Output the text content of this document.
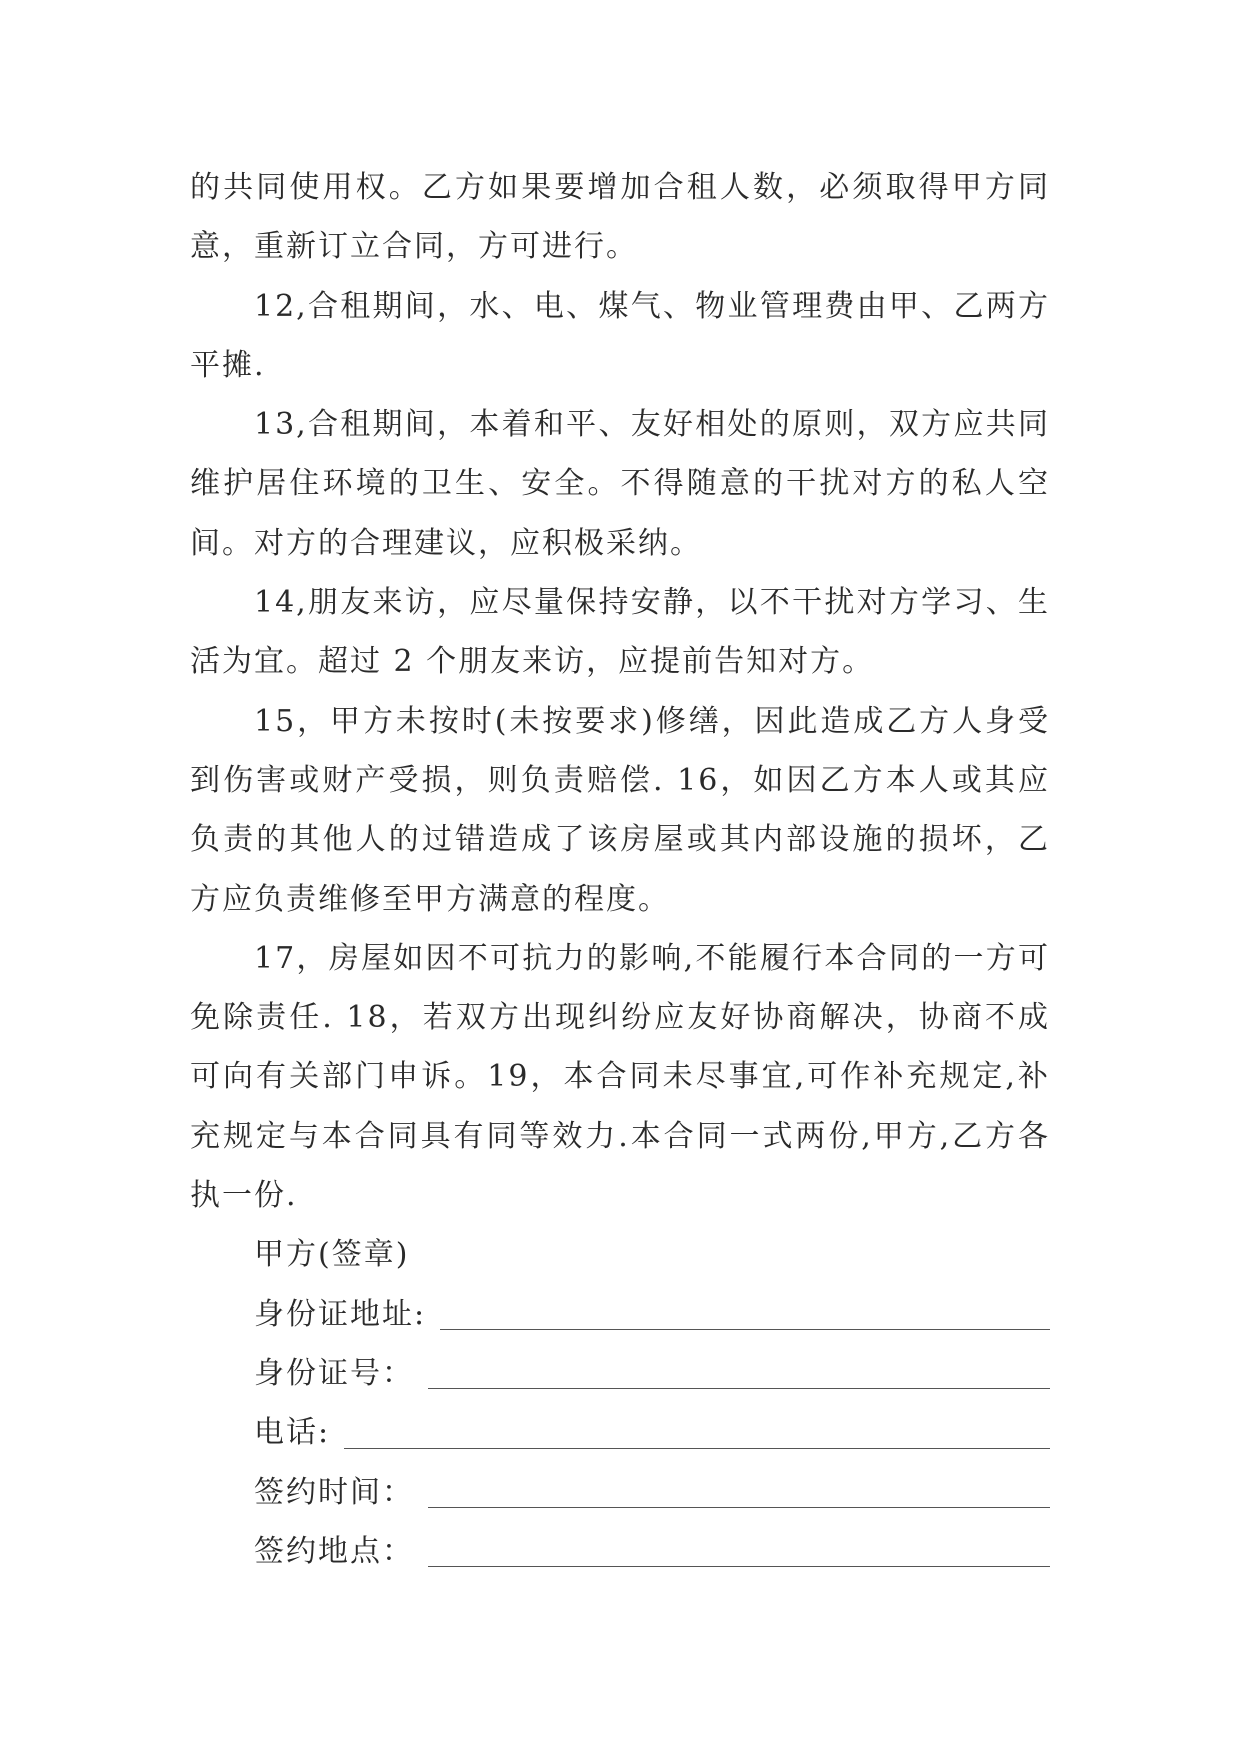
的共同使用权。乙方如果要增加合租人数，必须取得甲方同意，重新订立合同，方可进行。

12,合租期间，水、电、煤气、物业管理费由甲、乙两方平摊.

13,合租期间，本着和平、友好相处的原则，双方应共同维护居住环境的卫生、安全。不得随意的干扰对方的私人空间。对方的合理建议，应积极采纳。

14,朋友来访，应尽量保持安静，以不干扰对方学习、生活为宜。超过 2 个朋友来访，应提前告知对方。

15，甲方未按时(未按要求)修缮，因此造成乙方人身受到伤害或财产受损，则负责赔偿. 16，如因乙方本人或其应负责的其他人的过错造成了该房屋或其内部设施的损坏，乙方应负责维修至甲方满意的程度。

17，房屋如因不可抗力的影响,不能履行本合同的一方可免除责任. 18，若双方出现纠纷应友好协商解决，协商不成可向有关部门申诉。19，本合同未尽事宜,可作补充规定,补充规定与本合同具有同等效力.本合同一式两份,甲方,乙方各执一份.

甲方(签章)
身份证地址:
身份证号：
电话:
签约时间：
签约地点：
